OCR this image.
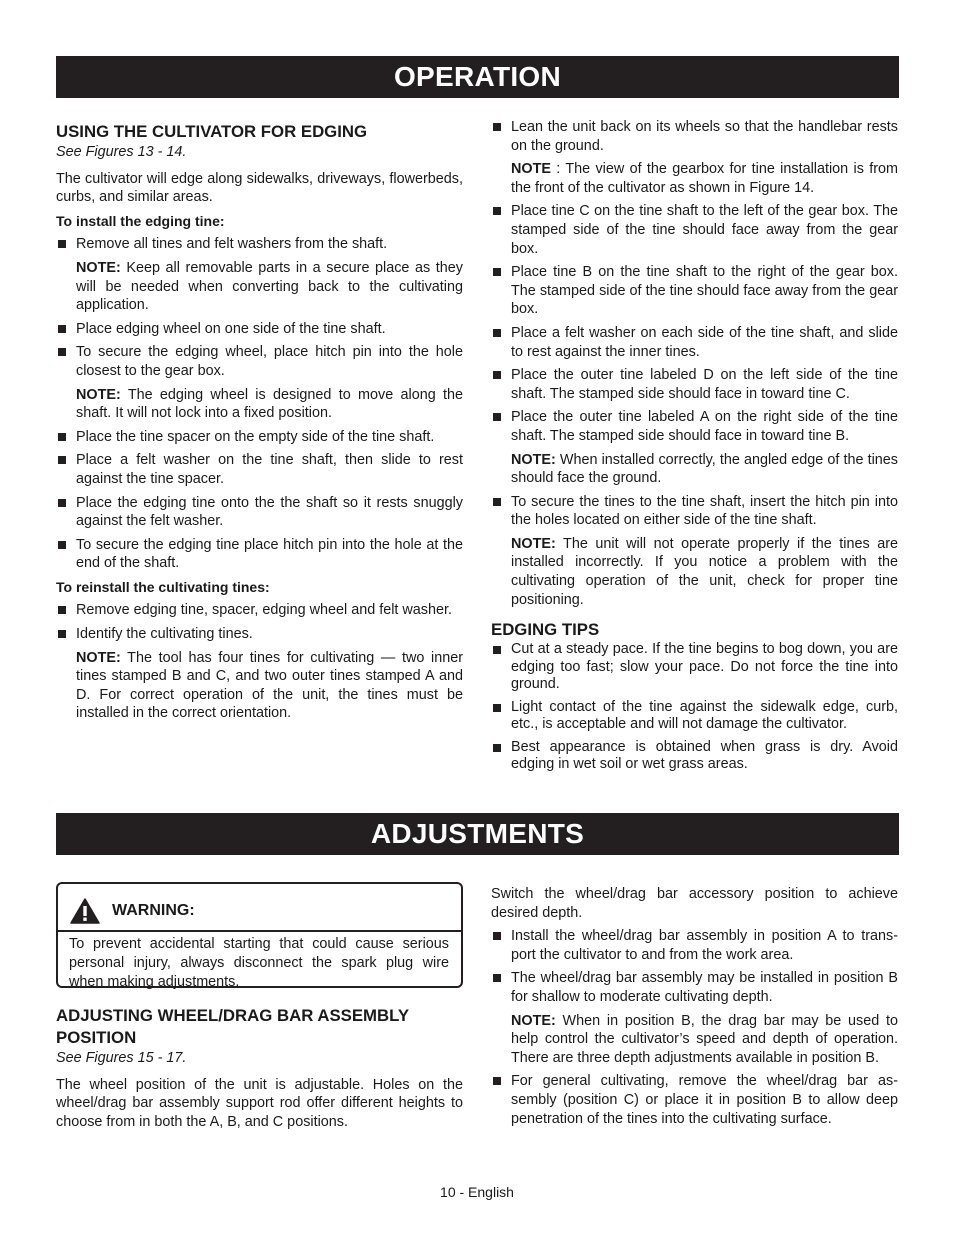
OPERATION
USING THE CULTIVATOR FOR EDGING
See Figures 13 - 14.

The cultivator will edge along sidewalks, driveways, flowerbeds, curbs, and similar areas.

To install the edging tine:
Remove all tines and felt washers from the shaft.
NOTE: Keep all removable parts in a secure place as they will be needed when converting back to the cultivating application.
Place edging wheel on one side of the tine shaft.
To secure the edging wheel, place hitch pin into the hole closest to the gear box.
NOTE: The edging wheel is designed to move along the shaft. It will not lock into a fixed position.
Place the tine spacer on the empty side of the tine shaft.
Place a felt washer on the tine shaft, then slide to rest against the tine spacer.
Place the edging tine onto the the shaft so it rests snuggly against the felt washer.
To secure the edging tine place hitch pin into the hole at the end of the shaft.
To reinstall the cultivating tines:
Remove edging tine, spacer, edging wheel and felt washer.
Identify the cultivating tines.
NOTE: The tool has four tines for cultivating — two inner tines stamped B and C, and two outer tines stamped A and D. For correct operation of the unit, the tines must be installed in the correct orientation.
Lean the unit back on its wheels so that the handlebar rests on the ground.
NOTE : The view of the gearbox for tine installation is from the front of the cultivator as shown in Figure 14.
Place tine C on the tine shaft to the left of the gear box. The stamped side of the tine should face away from the gear box.
Place tine B on the tine shaft to the right of the gear box. The stamped side of the tine should face away from the gear box.
Place a felt washer on each side of the tine shaft, and slide to rest against the inner tines.
Place the outer tine labeled D on the left side of the tine shaft. The stamped side should face in toward tine C.
Place the outer tine labeled A on the right side of the tine shaft. The stamped side should face in toward tine B.
NOTE: When installed correctly, the angled edge of the tines should face the ground.
To secure the tines to the tine shaft, insert the hitch pin into the holes located on either side of the tine shaft.
NOTE: The unit will not operate properly if the tines are installed incorrectly. If you notice a problem with the cultivating operation of the unit, check for proper tine positioning.
EDGING TIPS
Cut at a steady pace. If the tine begins to bog down, you are edging too fast; slow your pace. Do not force the tine into ground.
Light contact of the tine against the sidewalk edge, curb, etc., is acceptable and will not damage the cultivator.
Best appearance is obtained when grass is dry. Avoid edging in wet soil or wet grass areas.
ADJUSTMENTS
WARNING:
To prevent accidental starting that could cause serious personal injury, always disconnect the spark plug wire when making adjustments.
ADJUSTING WHEEL/DRAG BAR ASSEMBLY POSITION
See Figures 15 - 17.

The wheel position of the unit is adjustable. Holes on the wheel/drag bar assembly support rod offer different heights to choose from in both the A, B, and C positions.

Switch the wheel/drag bar accessory position to achieve desired depth.

Install the wheel/drag bar assembly in position A to trans-port the cultivator to and from the work area.
The wheel/drag bar assembly may be installed in position B for shallow to moderate cultivating depth.
NOTE: When in position B, the drag bar may be used to help control the cultivator’s speed and depth of operation. There are three depth adjustments available in position B.
For general cultivating, remove the wheel/drag bar as-sembly (position C) or place it in position B to allow deep penetration of the tines into the cultivating surface.
10 - English
